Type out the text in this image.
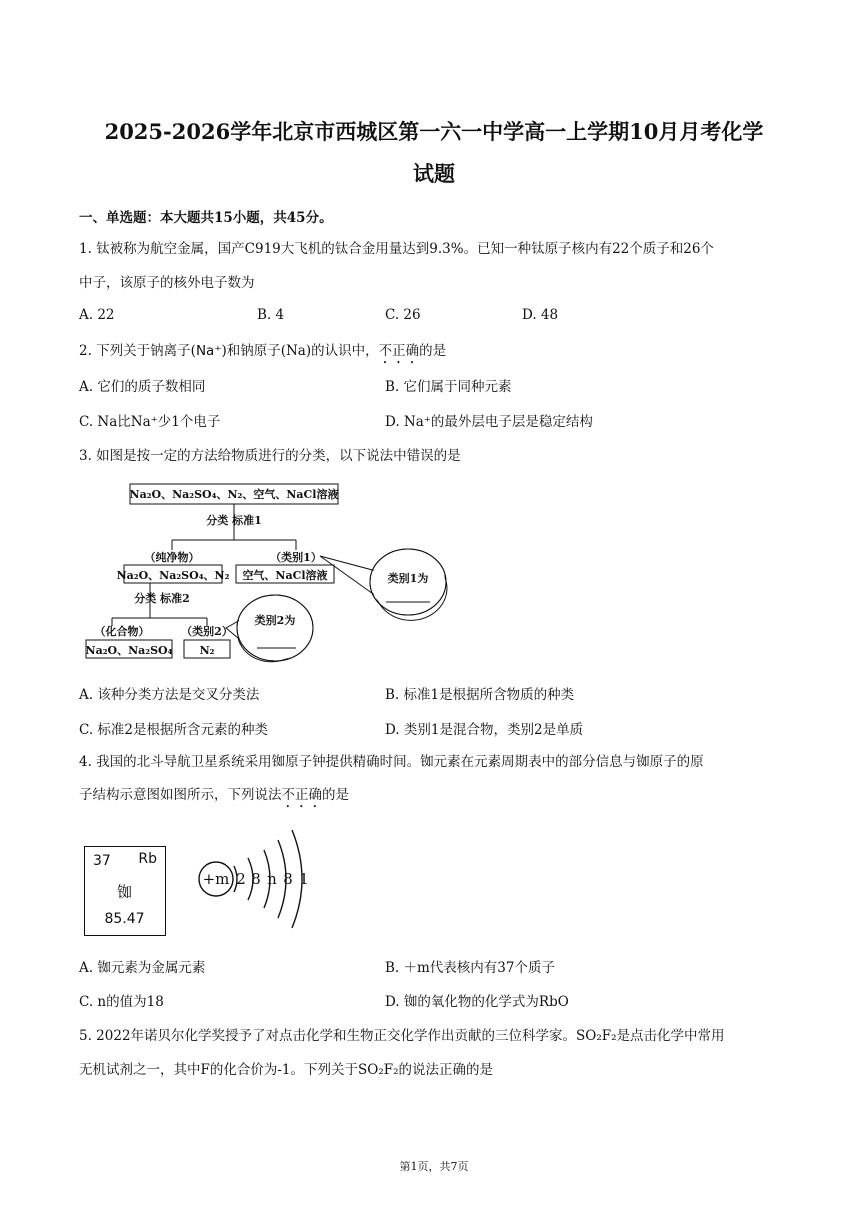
2025-2026学年北京市西城区第一六一中学高一上学期10月月考化学
试题
一、单选题：本大题共15小题，共45分。
1. 钛被称为航空金属，国产C919大飞机的钛合金用量达到9.3%。已知一种钛原子核内有22个质子和26个
中子，该原子的核外电子数为
A. 22	B. 4	C. 26	D. 48
2. 下列关于钠离子(Na⁺)和钠原子(Na)的认识中，不正确的是
A. 它们的质子数相同	B. 它们属于同种元素
C. Na比Na⁺少1个电子	D. Na⁺的最外层电子层是稳定结构
3. 如图是按一定的方法给物质进行的分类，以下说法中错误的是
Na₂O、Na₂SO₄、N₂、空气、NaCl溶液
分类 标准1
（纯净物）
Na₂O、Na₂SO₄、N₂
（类别1）
空气、NaCl溶液	类别1为
分类 标准2
（化合物）
Na₂O、Na₂SO₄
（类别2）
N₂
类别2为
A. 该种分类方法是交叉分类法	B. 标准1是根据所含物质的种类
C. 标准2是根据所含元素的种类	D. 类别1是混合物，类别2是单质
4. 我国的北斗导航卫星系统采用铷原子钟提供精确时间。铷元素在元素周期表中的部分信息与铷原子的原
子结构示意图如图所示，下列说法不正确的是
37 Rb
铷
85.47
+m 2 8 n 8 1
A. 铷元素为金属元素	B. ＋m代表核内有37个质子
C. n的值为18	D. 铷的氧化物的化学式为RbO
5. 2022年诺贝尔化学奖授予了对点击化学和生物正交化学作出贡献的三位科学家。SO₂F₂是点击化学中常用
无机试剂之一，其中F的化合价为-1。下列关于SO₂F₂的说法正确的是
第1页，共7页
